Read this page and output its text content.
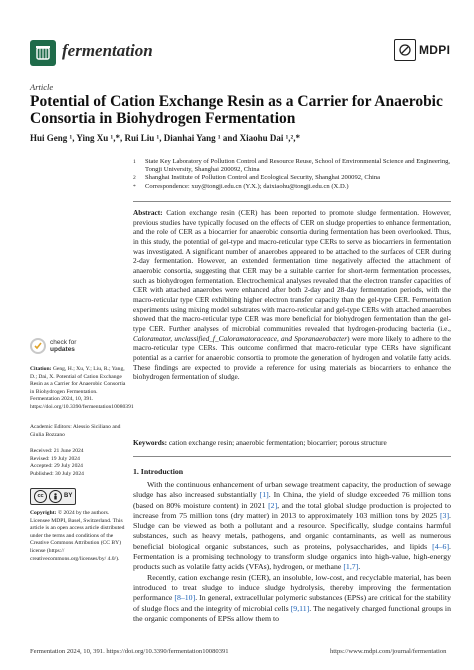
fermentation	MDPI
Article
Potential of Cation Exchange Resin as a Carrier for Anaerobic Consortia in Biohydrogen Fermentation
Hui Geng ¹, Ying Xu ¹,*, Rui Liu ¹, Dianhai Yang ¹ and Xiaohu Dai ¹,²,*
1	State Key Laboratory of Pollution Control and Resource Reuse, School of Environmental Science and Engineering, Tongji University, Shanghai 200092, China
2	Shanghai Institute of Pollution Control and Ecological Security, Shanghai 200092, China
*	Correspondence: xuy@tongji.edu.cn (Y.X.); daixiaohu@tongji.edu.cn (X.D.)
Abstract: Cation exchange resin (CER) has been reported to promote sludge fermentation. However, previous studies have typically focused on the effects of CER on sludge properties to enhance fermentation, and the role of CER as a biocarrier for anaerobic consortia during fermentation has been overlooked. Thus, in this study, the potential of gel-type and macro-reticular type CERs to serve as biocarriers in fermentation was investigated. A significant number of anaerobes appeared to be attached to the surfaces of CER during 2-day fermentation. However, an extended fermentation time negatively affected the attachment of anaerobic consortia, suggesting that CER may be a suitable carrier for short-term fermentation processes, such as biohydrogen fermentation. Electrochemical analyses revealed that the electron transfer capacities of CER with attached anaerobes were enhanced after both 2-day and 28-day fermentation periods, with the macro-reticular type CER exhibiting higher electron transfer capacity than the gel-type CER. Fermentation experiments using mixing model substrates with macro-reticular and gel-type CERs with attached anaerobes showed that the macro-reticular type CER was more beneficial for biohydrogen fermentation than the gel-type CER. Further analyses of microbial communities revealed that hydrogen-producing bacteria (i.e., Caloramator, unclassified_f_Caloramatoraceace, and Sporanaerobacter) were more likely to adhere to the macro-reticular type CERs. This outcome confirmed that macro-reticular type CERs have significant potential as a carrier for anaerobic consortia to promote the generation of hydrogen and volatile fatty acids. These findings are expected to provide a reference for using materials as biocarriers to enhance the biohydrogen fermentation of sludge.
Keywords: cation exchange resin; anaerobic fermentation; biocarrier; porous structure
check for
updates
Citation: Geng, H.; Xu, Y.; Liu, R.; Yang, D.; Dai, X. Potential of Cation Exchange Resin as a Carrier for Anaerobic Consortia in Biohydrogen Fermentation. Fermentation 2024, 10, 391. https://doi.org/10.3390/fermentation10080391
Academic Editors: Alessio Siciliano and Giulia Bozzano
Received: 21 June 2024
Revised: 19 July 2024
Accepted: 29 July 2024
Published: 30 July 2024
cc	BY
Copyright: © 2024 by the authors. Licensee MDPI, Basel, Switzerland. This article is an open access article distributed under the terms and conditions of the Creative Commons Attribution (CC BY) license (https:// creativecommons.org/licenses/by/ 4.0/).
1. Introduction

With the continuous enhancement of urban sewage treatment capacity, the production of sewage sludge has also increased substantially [1]. In China, the yield of sludge exceeded 76 million tons (based on 80% moisture content) in 2021 [2], and the total global sludge production is projected to increase from 75 million tons (dry matter) in 2013 to approximately 103 million tons by 2025 [3]. Sludge can be viewed as both a pollutant and a resource. Specifically, sludge contains harmful substances, such as heavy metals, pathogens, and organic contaminants, as well as numerous beneficial biological organic substances, such as proteins, polysaccharides, and lipids [4–6]. Fermentation is a promising technology to transform sludge organics into high-value, high-energy products such as volatile fatty acids (VFAs), hydrogen, or methane [1,7].

Recently, cation exchange resin (CER), an insoluble, low-cost, and recyclable material, has been introduced to treat sludge to induce sludge hydrolysis, thereby improving the fermentation performance [8–10]. In general, extracellular polymeric substances (EPSs) are critical for the stability of sludge flocs and the integrity of microbial cells [9,11]. The negatively charged functional groups in the organic components of EPSs allow them to

Fermentation 2024, 10, 391. https://doi.org/10.3390/fermentation10080391	https://www.mdpi.com/journal/fermentation
